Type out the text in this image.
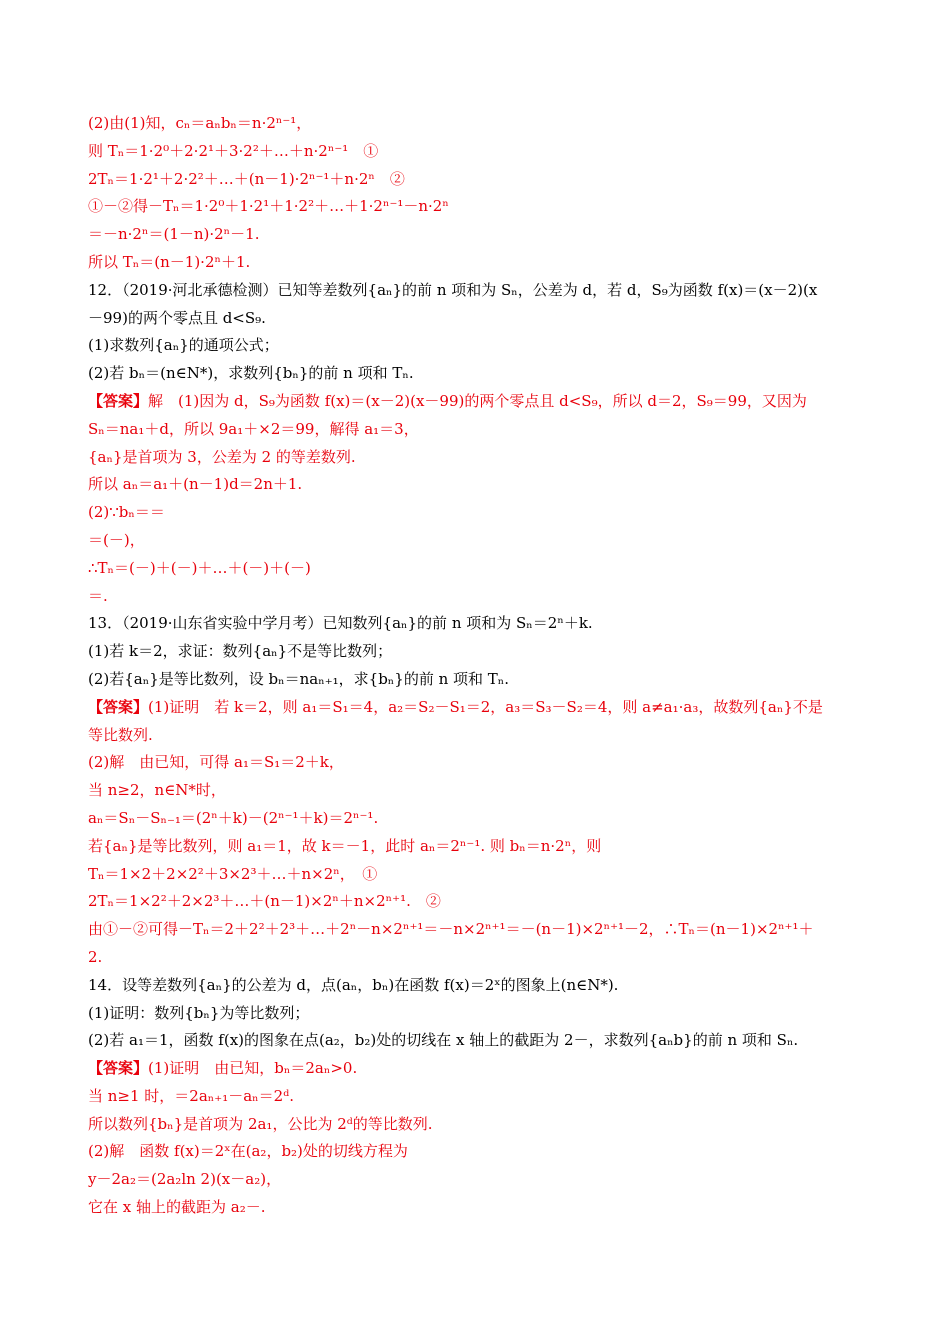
(2)由(1)知，cₙ＝aₙbₙ＝n·2ⁿ⁻¹，
则 Tₙ＝1·2⁰＋2·2¹＋3·2²＋…＋n·2ⁿ⁻¹　①
2Tₙ＝1·2¹＋2·2²＋…＋(n－1)·2ⁿ⁻¹＋n·2ⁿ　②
①－②得－Tₙ＝1·2⁰＋1·2¹＋1·2²＋…＋1·2ⁿ⁻¹－n·2ⁿ
＝－n·2ⁿ＝(1－n)·2ⁿ－1.
所以 Tₙ＝(n－1)·2ⁿ＋1.
12．（2019·河北承德检测）已知等差数列{aₙ}的前 n 项和为 Sₙ，公差为 d，若 d，S₉为函数 f(x)＝(x－2)(x
－99)的两个零点且 d<S₉.
(1)求数列{aₙ}的通项公式；
(2)若 bₙ＝(n∈N*)，求数列{bₙ}的前 n 项和 Tₙ.
【答案】解　(1)因为 d，S₉为函数 f(x)＝(x－2)(x－99)的两个零点且 d<S₉，所以 d＝2，S₉＝99，又因为
Sₙ＝na₁＋d，所以 9a₁＋×2＝99，解得 a₁＝3，
{aₙ}是首项为 3，公差为 2 的等差数列.
所以 aₙ＝a₁＋(n－1)d＝2n＋1.
(2)∵bₙ＝＝
＝(－)，
∴Tₙ＝(－)＋(－)＋…＋(－)＋(－)
＝.
13．（2019·山东省实验中学月考）已知数列{aₙ}的前 n 项和为 Sₙ＝2ⁿ＋k.
(1)若 k＝2，求证：数列{aₙ}不是等比数列；
(2)若{aₙ}是等比数列，设 bₙ＝naₙ₊₁，求{bₙ}的前 n 项和 Tₙ.
【答案】(1)证明　若 k＝2，则 a₁＝S₁＝4，a₂＝S₂－S₁＝2，a₃＝S₃－S₂＝4，则 a≠a₁·a₃，故数列{aₙ}不是
等比数列.
(2)解　由已知，可得 a₁＝S₁＝2＋k，
当 n≥2，n∈N*时，
aₙ＝Sₙ－Sₙ₋₁＝(2ⁿ＋k)－(2ⁿ⁻¹＋k)＝2ⁿ⁻¹.
若{aₙ}是等比数列，则 a₁＝1，故 k＝－1，此时 aₙ＝2ⁿ⁻¹. 则 bₙ＝n·2ⁿ，则
Tₙ＝1×2＋2×2²＋3×2³＋…＋n×2ⁿ，　①
2Tₙ＝1×2²＋2×2³＋…＋(n－1)×2ⁿ＋n×2ⁿ⁺¹.　②
由①－②可得－Tₙ＝2＋2²＋2³＋…＋2ⁿ－n×2ⁿ⁺¹＝－n×2ⁿ⁺¹＝－(n－1)×2ⁿ⁺¹－2，∴Tₙ＝(n－1)×2ⁿ⁺¹＋
2.
14．设等差数列{aₙ}的公差为 d，点(aₙ，bₙ)在函数 f(x)＝2ˣ的图象上(n∈N*).
(1)证明：数列{bₙ}为等比数列；
(2)若 a₁＝1，函数 f(x)的图象在点(a₂，b₂)处的切线在 x 轴上的截距为 2－，求数列{aₙb}的前 n 项和 Sₙ.
【答案】(1)证明　由已知，bₙ＝2aₙ>0.
当 n≥1 时，＝2aₙ₊₁－aₙ＝2ᵈ.
所以数列{bₙ}是首项为 2a₁，公比为 2ᵈ的等比数列.
(2)解　函数 f(x)＝2ˣ在(a₂，b₂)处的切线方程为
y－2a₂＝(2a₂ln 2)(x－a₂)，
它在 x 轴上的截距为 a₂－.
